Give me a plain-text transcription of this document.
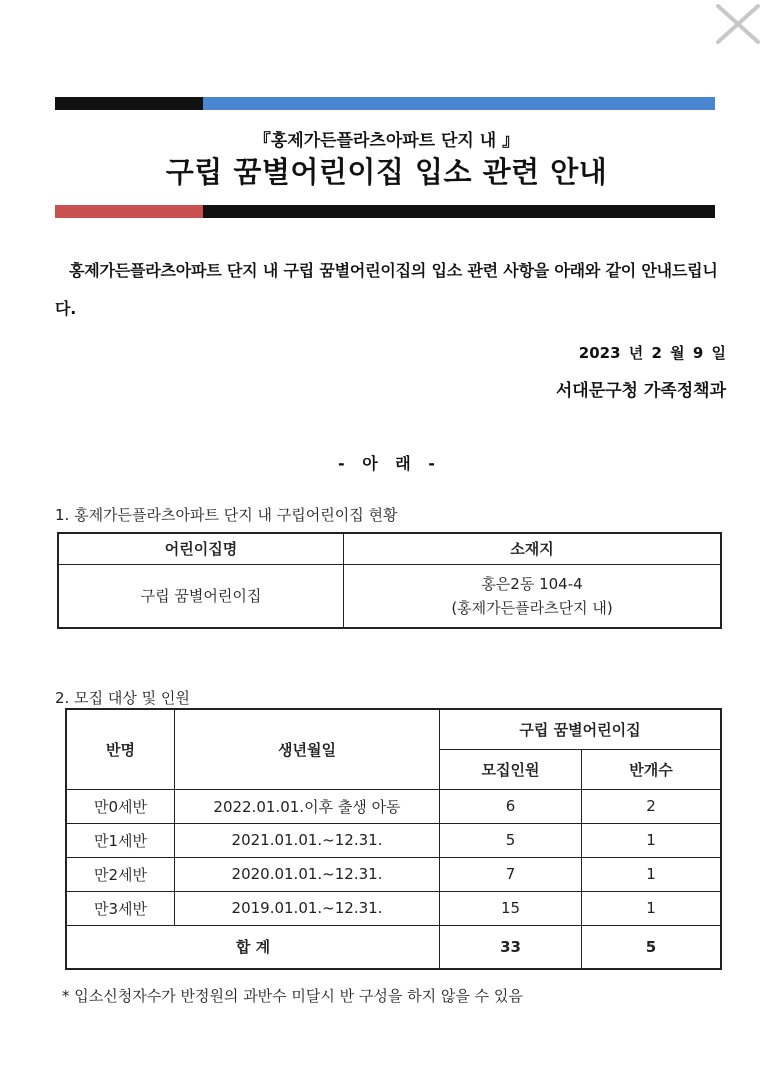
『홍제가든플라츠아파트 단지 내 』
구립 꿈별어린이집 입소 관련 안내
홍제가든플라츠아파트 단지 내 구립 꿈별어린이집의 입소 관련 사항을 아래와 같이 안내드립니다.
2023 년 2 월 9 일
서대문구청 가족정책과
- 아 래 -
1. 홍제가든플라츠아파트 단지 내 구립어린이집 현황
어린이집명	소재지
구립 꿈별어린이집	홍은2동 104-4
(홍제가든플라츠단지 내)
2. 모집 대상 및 인원
반명	생년월일	구립 꿈별어린이집	
		모집인원	반개수
만0세반	2022.01.01.이후 출생 아동	6	2
만1세반	2021.01.01.~12.31.	5	1
만2세반	2020.01.01.~12.31.	7	1
만3세반	2019.01.01.~12.31.	15	1
합 계		33	5
* 입소신청자수가 반정원의 과반수 미달시 반 구성을 하지 않을 수 있음
